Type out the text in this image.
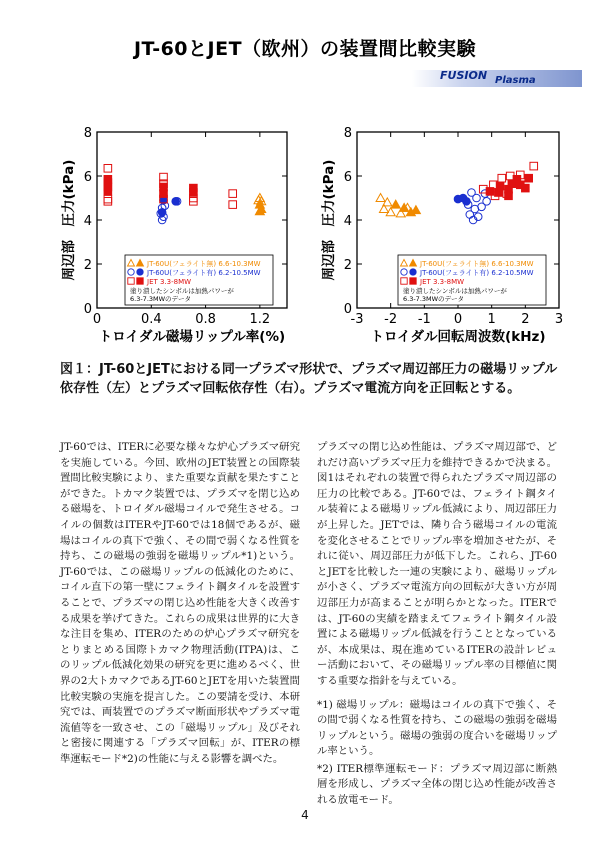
JT-60とJET（欧州）の装置間比較実験
FUSION Plasma
0
2
4
6
8
0	0.4	0.8	1.2
トロイダル磁場リップル率(%)
周辺部　圧力(kPa)	JT-60U(フェライト無) 6.6-10.3MW
JT-60U(フェライト有) 6.2-10.5MW
JET 3.3-8MW
塗り潰したシンボルは加熱パワーが
6.3-7.3MWのデータ
0
2
4
6
8
-3 -2 -1 0 1 2 3
トロイダル回転周波数(kHz)
周辺部　圧力(kPa)	JT-60U(フェライト無) 6.6-10.3MW
JT-60U(フェライト有) 6.2-10.5MW
JET 3.3-8MW
塗り潰したシンボルは加熱パワーが
6.3-7.3MWのデータ
図１：JT-60とJETにおける同一プラズマ形状で、プラズマ周辺部圧力の磁場リップル依存性（左）とプラズマ回転依存性（右）。プラズマ電流方向を正回転とする。

JT-60では、ITERに必要な様々な炉心プラズマ研究を実施している。今回、欧州のJET装置との国際装置間比較実験により、また重要な貢献を果たすことができた。トカマク装置では、プラズマを閉じ込める磁場を、トロイダル磁場コイルで発生させる。コイルの個数はITERやJT-60では18個であるが、磁場はコイルの真下で強く、その間で弱くなる性質を持ち、この磁場の強弱を磁場リップル*1)という。JT-60では、この磁場リップルの低減化のために、コイル直下の第一壁にフェライト鋼タイルを設置することで、プラズマの閉じ込め性能を大きく改善する成果を挙げてきた。これらの成果は世界的に大きな注目を集め、ITERのための炉心プラズマ研究をとりまとめる国際トカマク物理活動(ITPA)は、このリップル低減化効果の研究を更に進めるべく、世界の2大トカマクであるJT-60とJETを用いた装置間比較実験の実施を提言した。この要請を受け、本研究では、両装置でのプラズマ断面形状やプラズマ電流値等を一致させ、この「磁場リップル」及びそれと密接に関連する「プラズマ回転」が、ITERの標準運転モード*2)の性能に与える影響を調べた。

プラズマの閉じ込め性能は、プラズマ周辺部で、どれだけ高いプラズマ圧力を維持できるかで決まる。図1はそれぞれの装置で得られたプラズマ周辺部の圧力の比較である。JT-60では、フェライト鋼タイル装着による磁場リップル低減により、周辺部圧力が上昇した。JETでは、隣り合う磁場コイルの電流を変化させることでリップル率を増加させたが、それに従い、周辺部圧力が低下した。これら、JT-60とJETを比較した一連の実験により、磁場リップルが小さく、プラズマ電流方向の回転が大きい方が周辺部圧力が高まることが明らかとなった。ITERでは、JT-60の実績を踏まえてフェライト鋼タイル設置による磁場リップル低減を行うこととなっているが、本成果は、現在進めているITERの設計レビュー活動において、その磁場リップル率の目標値に関する重要な指針を与えている。

*1) 磁場リップル：磁場はコイルの真下で強く、その間で弱くなる性質を持ち、この磁場の強弱を磁場リップルという。磁場の強弱の度合いを磁場リップル率という。

*2) ITER標準運転モード：プラズマ周辺部に断熱層を形成し、プラズマ全体の閉じ込め性能が改善される放電モード。

4
